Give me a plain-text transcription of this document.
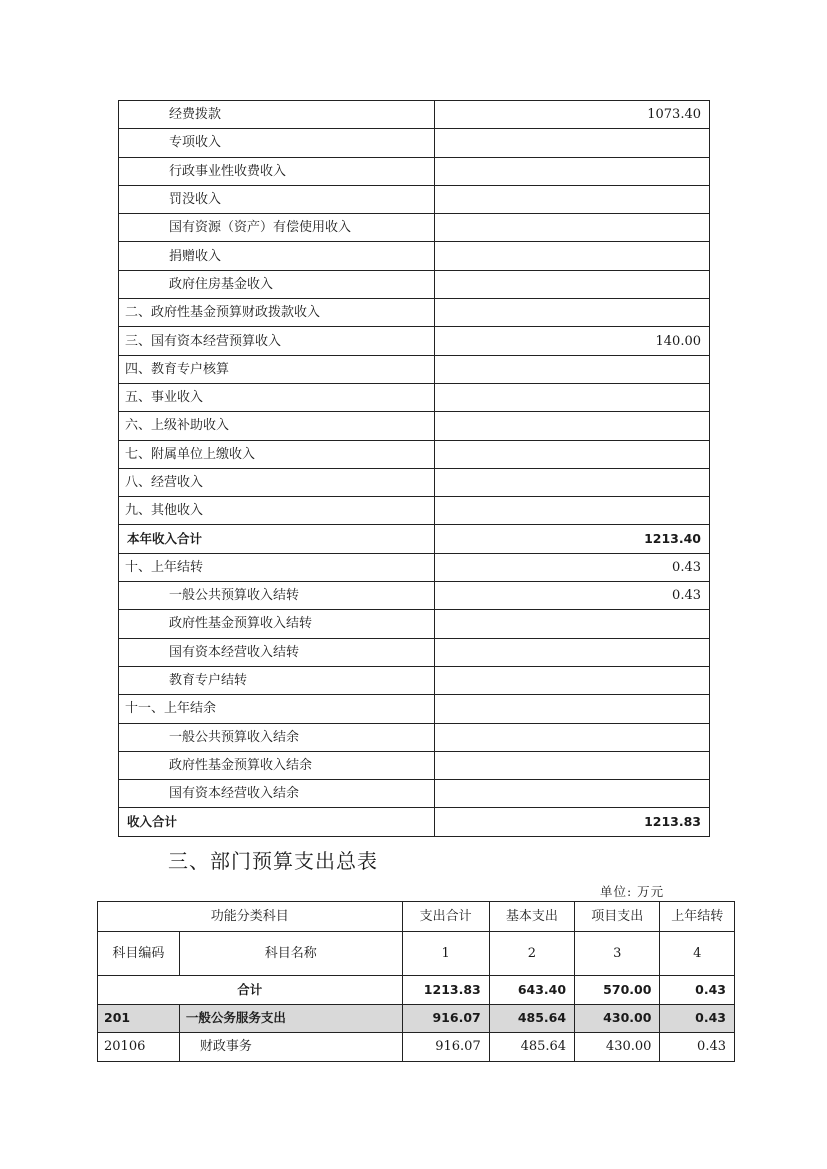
经费拨款	1073.40
专项收入	
行政事业性收费收入	
罚没收入	
国有资源（资产）有偿使用收入	
捐赠收入	
政府住房基金收入	
二、政府性基金预算财政拨款收入	
三、国有资本经营预算收入	140.00
四、教育专户核算	
五、事业收入	
六、上级补助收入	
七、附属单位上缴收入	
八、经营收入	
九、其他收入	
本年收入合计	1213.40
十、上年结转	0.43
一般公共预算收入结转	0.43
政府性基金预算收入结转	
国有资本经营收入结转	
教育专户结转	
十一、上年结余	
一般公共预算收入结余	
政府性基金预算收入结余	
国有资本经营收入结余	
收入合计	1213.83
三、部门预算支出总表
单位: 万元
功能分类科目		支出合计	基本支出	项目支出	上年结转
科目编码	科目名称	1	2	3	4
合计		1213.83	643.40	570.00	0.43
201	一般公务服务支出	916.07	485.64	430.00	0.43
20106	财政事务	916.07	485.64	430.00	0.43
